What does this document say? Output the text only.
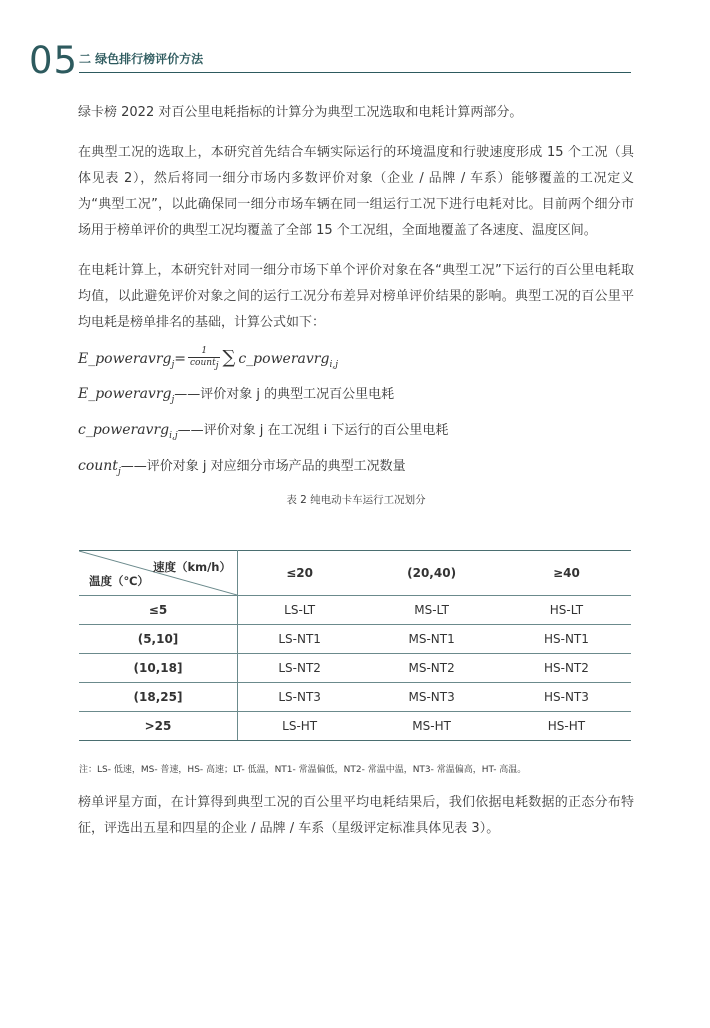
05 二 绿色排行榜评价方法

绿卡榜 2022 对百公里电耗指标的计算分为典型工况选取和电耗计算两部分。

在典型工况的选取上，本研究首先结合车辆实际运行的环境温度和行驶速度形成 15 个工况（具体见表 2），然后将同一细分市场内多数评价对象（企业 / 品牌 / 车系）能够覆盖的工况定义为“典型工况”，以此确保同一细分市场车辆在同一组运行工况下进行电耗对比。目前两个细分市场用于榜单评价的典型工况均覆盖了全部 15 个工况组，全面地覆盖了各速度、温度区间。

在电耗计算上，本研究针对同一细分市场下单个评价对象在各“典型工况”下运行的百公里电耗取均值，以此避免评价对象之间的运行工况分布差异对榜单评价结果的影响。典型工况的百公里平均电耗是榜单排名的基础，计算公式如下：

E_poweravrg$_j$= $\frac{1}{count_j}$ ∑ c_poweravrg$_{i,j}$
E_poweravrg$_j$——评价对象 j 的典型工况百公里电耗
c_poweravrg$_{i,j}$——评价对象 j 在工况组 i 下运行的百公里电耗
count$_j$——评价对象 j 对应细分市场产品的典型工况数量
表 2 纯电动卡车运行工况划分
速度（km/h）
温度（℃）	≤20	(20,40)	≥40
≤5	LS-LT	MS-LT	HS-LT
(5,10]	LS-NT1	MS-NT1	HS-NT1
(10,18]	LS-NT2	MS-NT2	HS-NT2
(18,25]	LS-NT3	MS-NT3	HS-NT3
>25	LS-HT	MS-HT	HS-HT
注：LS- 低速，MS- 普速，HS- 高速；LT- 低温，NT1- 常温偏低，NT2- 常温中温，NT3- 常温偏高，HT- 高温。

榜单评星方面，在计算得到典型工况的百公里平均电耗结果后，我们依据电耗数据的正态分布特征，评选出五星和四星的企业 / 品牌 / 车系（星级评定标准具体见表 3）。
